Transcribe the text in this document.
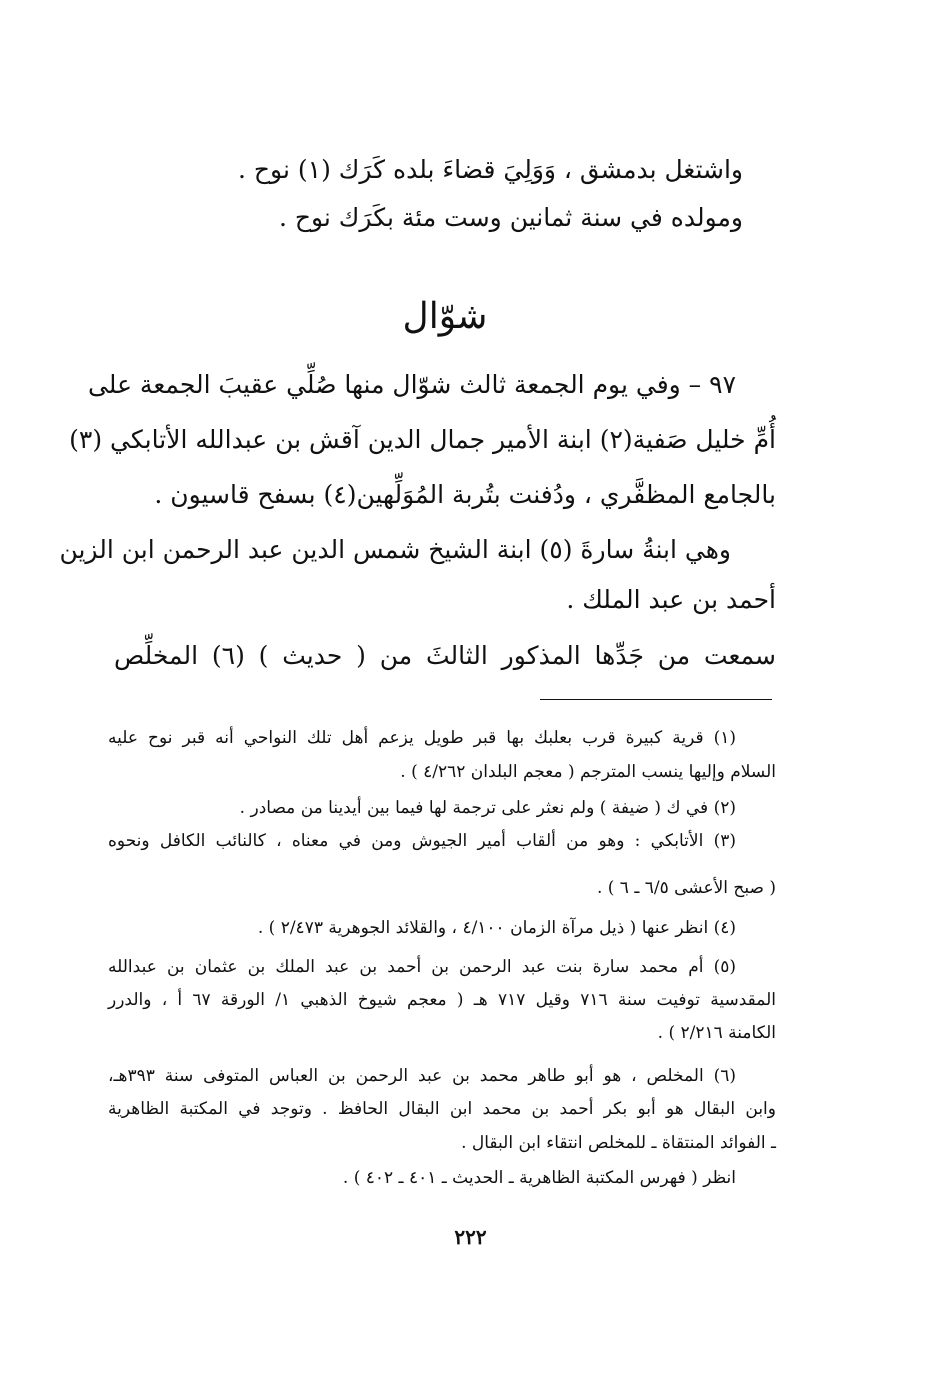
واشتغل بدمشق ، وَوَلِيَ قضاءَ بلده كَرَك (١) نوح .
ومولده في سنة ثمانين وست مئة بكَرَك نوح .
شوّال
٩٧ – وفي يوم الجمعة ثالث شوّال منها صُلِّي عقيبَ الجمعة على
أُمِّ خليل صَفية(٢) ابنة الأمير جمال الدين آقش بن عبدالله الأتابكي (٣)
بالجامع المظفَّري ، ودُفنت بتُربة المُوَلِّهين(٤) بسفح قاسيون .
وهي ابنةُ سارةَ (٥) ابنة الشيخ شمس الدين عبد الرحمن ابن الزين
أحمد بن عبد الملك .
سمعت من جَدِّها المذكور الثالثَ من ( حديث ) (٦) المخلِّص
(١) قرية كبيرة قرب بعلبك بها قبر طويل يزعم أهل تلك النواحي أنه قبر نوح عليه
السلام وإليها ينسب المترجم ( معجم البلدان ٤/٢٦٢ ) .
(٢) في ك ( ضيفة ) ولم نعثر على ترجمة لها فيما بين أيدينا من مصادر .
(٣) الأتابكي : وهو من ألقاب أمير الجيوش ومن في معناه ، كالنائب الكافل ونحوه
( صبح الأعشى ٦/٥ ـ ٦ ) .
(٤) انظر عنها ( ذيل مرآة الزمان ٤/١٠٠ ، والقلائد الجوهرية ٢/٤٧٣ ) .
(٥) أم محمد سارة بنت عبد الرحمن بن أحمد بن عبد الملك بن عثمان بن عبدالله
المقدسية توفيت سنة ٧١٦ وقيل ٧١٧ هـ ( معجم شيوخ الذهبي ١/ الورقة ٦٧ أ ، والدرر
الكامنة ٢/٢١٦ ) .
(٦) المخلص ، هو أبو طاهر محمد بن عبد الرحمن بن العباس المتوفى سنة ٣٩٣هـ،
وابن البقال هو أبو بكر أحمد بن محمد ابن البقال الحافظ . وتوجد في المكتبة الظاهرية
ـ الفوائد المنتقاة ـ للمخلص انتقاء ابن البقال .
انظر ( فهرس المكتبة الظاهرية ـ الحديث ـ ٤٠١ ـ ٤٠٢ ) .
٢٢٢
